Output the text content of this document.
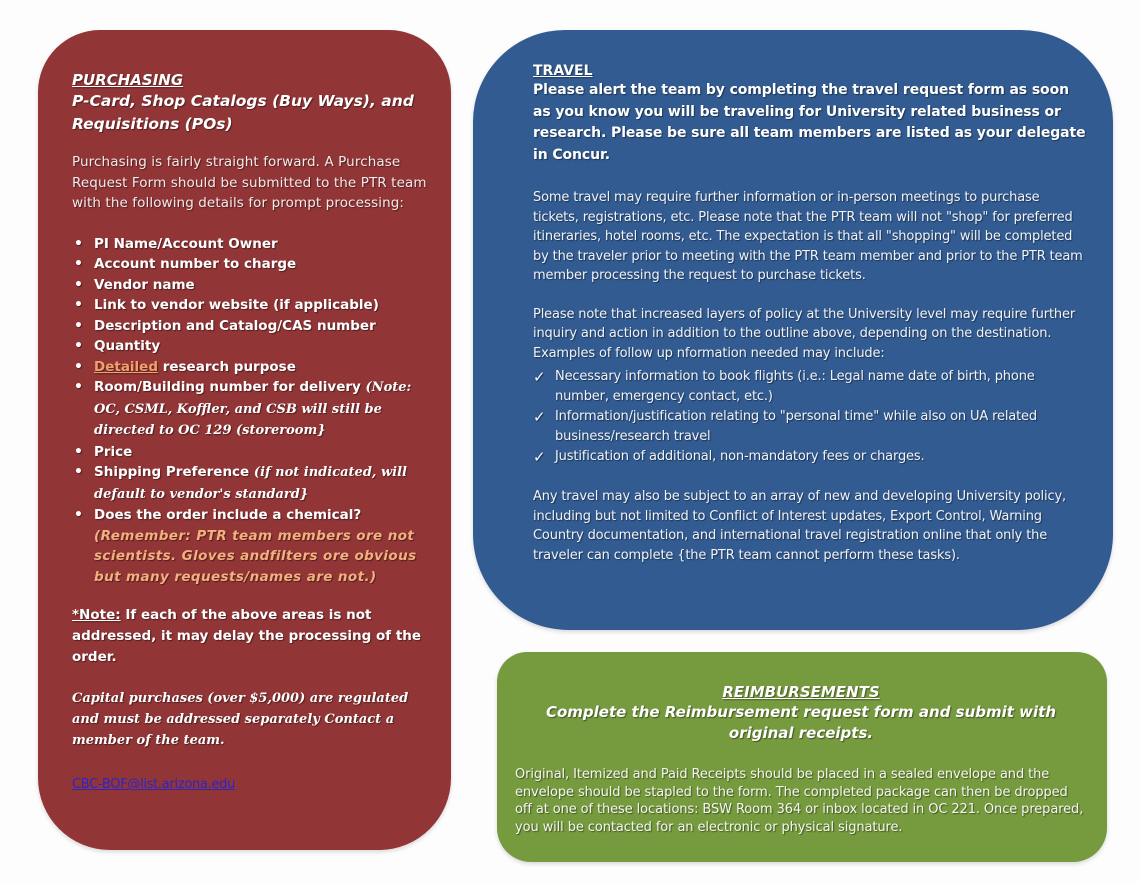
PURCHASING
P-Card, Shop Catalogs (Buy Ways), and Requisitions (POs)

Purchasing is fairly straight forward. A Purchase Request Form should be submitted to the PTR team with the following details for prompt processing:

• PI Name/Account Owner
• Account number to charge
• Vendor name
• Link to vendor website (if applicable)
• Description and Catalog/CAS number
• Quantity
• Detailed research purpose
• Room/Building number for delivery (Note: OC, CSML, Koffler, and CSB will still be directed to OC 129 (storeroom}
• Price
• Shipping Preference (if not indicated, will default to vendor's standard}
• Does the order include a chemical?
(Remember: PTR team members ore not scientists. Gloves andfilters ore obvious but many requests/names are not.)

*Note: If each of the above areas is not addressed, it may delay the processing of the order.

Capital purchases (over $5,000) are regulated and must be addressed separately Contact a member of the team.

CBC-BOF@list.arizona.edu
TRAVEL

Please alert the team by completing the travel request form as soon as you know you will be traveling for University related business or research. Please be sure all team members are listed as your delegate in Concur.

Some travel may require further information or in-person meetings to purchase tickets, registrations, etc. Please note that the PTR team will not "shop" for preferred itineraries, hotel rooms, etc. The expectation is that all "shopping" will be completed by the traveler prior to meeting with the PTR team member and prior to the PTR team member processing the request to purchase tickets.

Please note that increased layers of policy at the University level may require further inquiry and action in addition to the outline above, depending on the destination.

Examples of follow up nformation needed may include:

✓ Necessary information to book flights (i.e.: Legal name date of birth, phone number, emergency contact, etc.)
✓ Information/justification relating to "personal time" while also on UA related business/research travel
✓ Justification of additional, non-mandatory fees or charges.

Any travel may also be subject to an array of new and developing University policy, including but not limited to Conflict of Interest updates, Export Control, Warning Country documentation, and international travel registration online that only the traveler can complete {the PTR team cannot perform these tasks).

REIMBURSEMENTS

Complete the Reimbursement request form and submit with original receipts.

Original, Itemized and Paid Receipts should be placed in a sealed envelope and the envelope should be stapled to the form. The completed package can then be dropped off at one of these locations: BSW Room 364 or inbox located in OC 221. Once prepared, you will be contacted for an electronic or physical signature.
